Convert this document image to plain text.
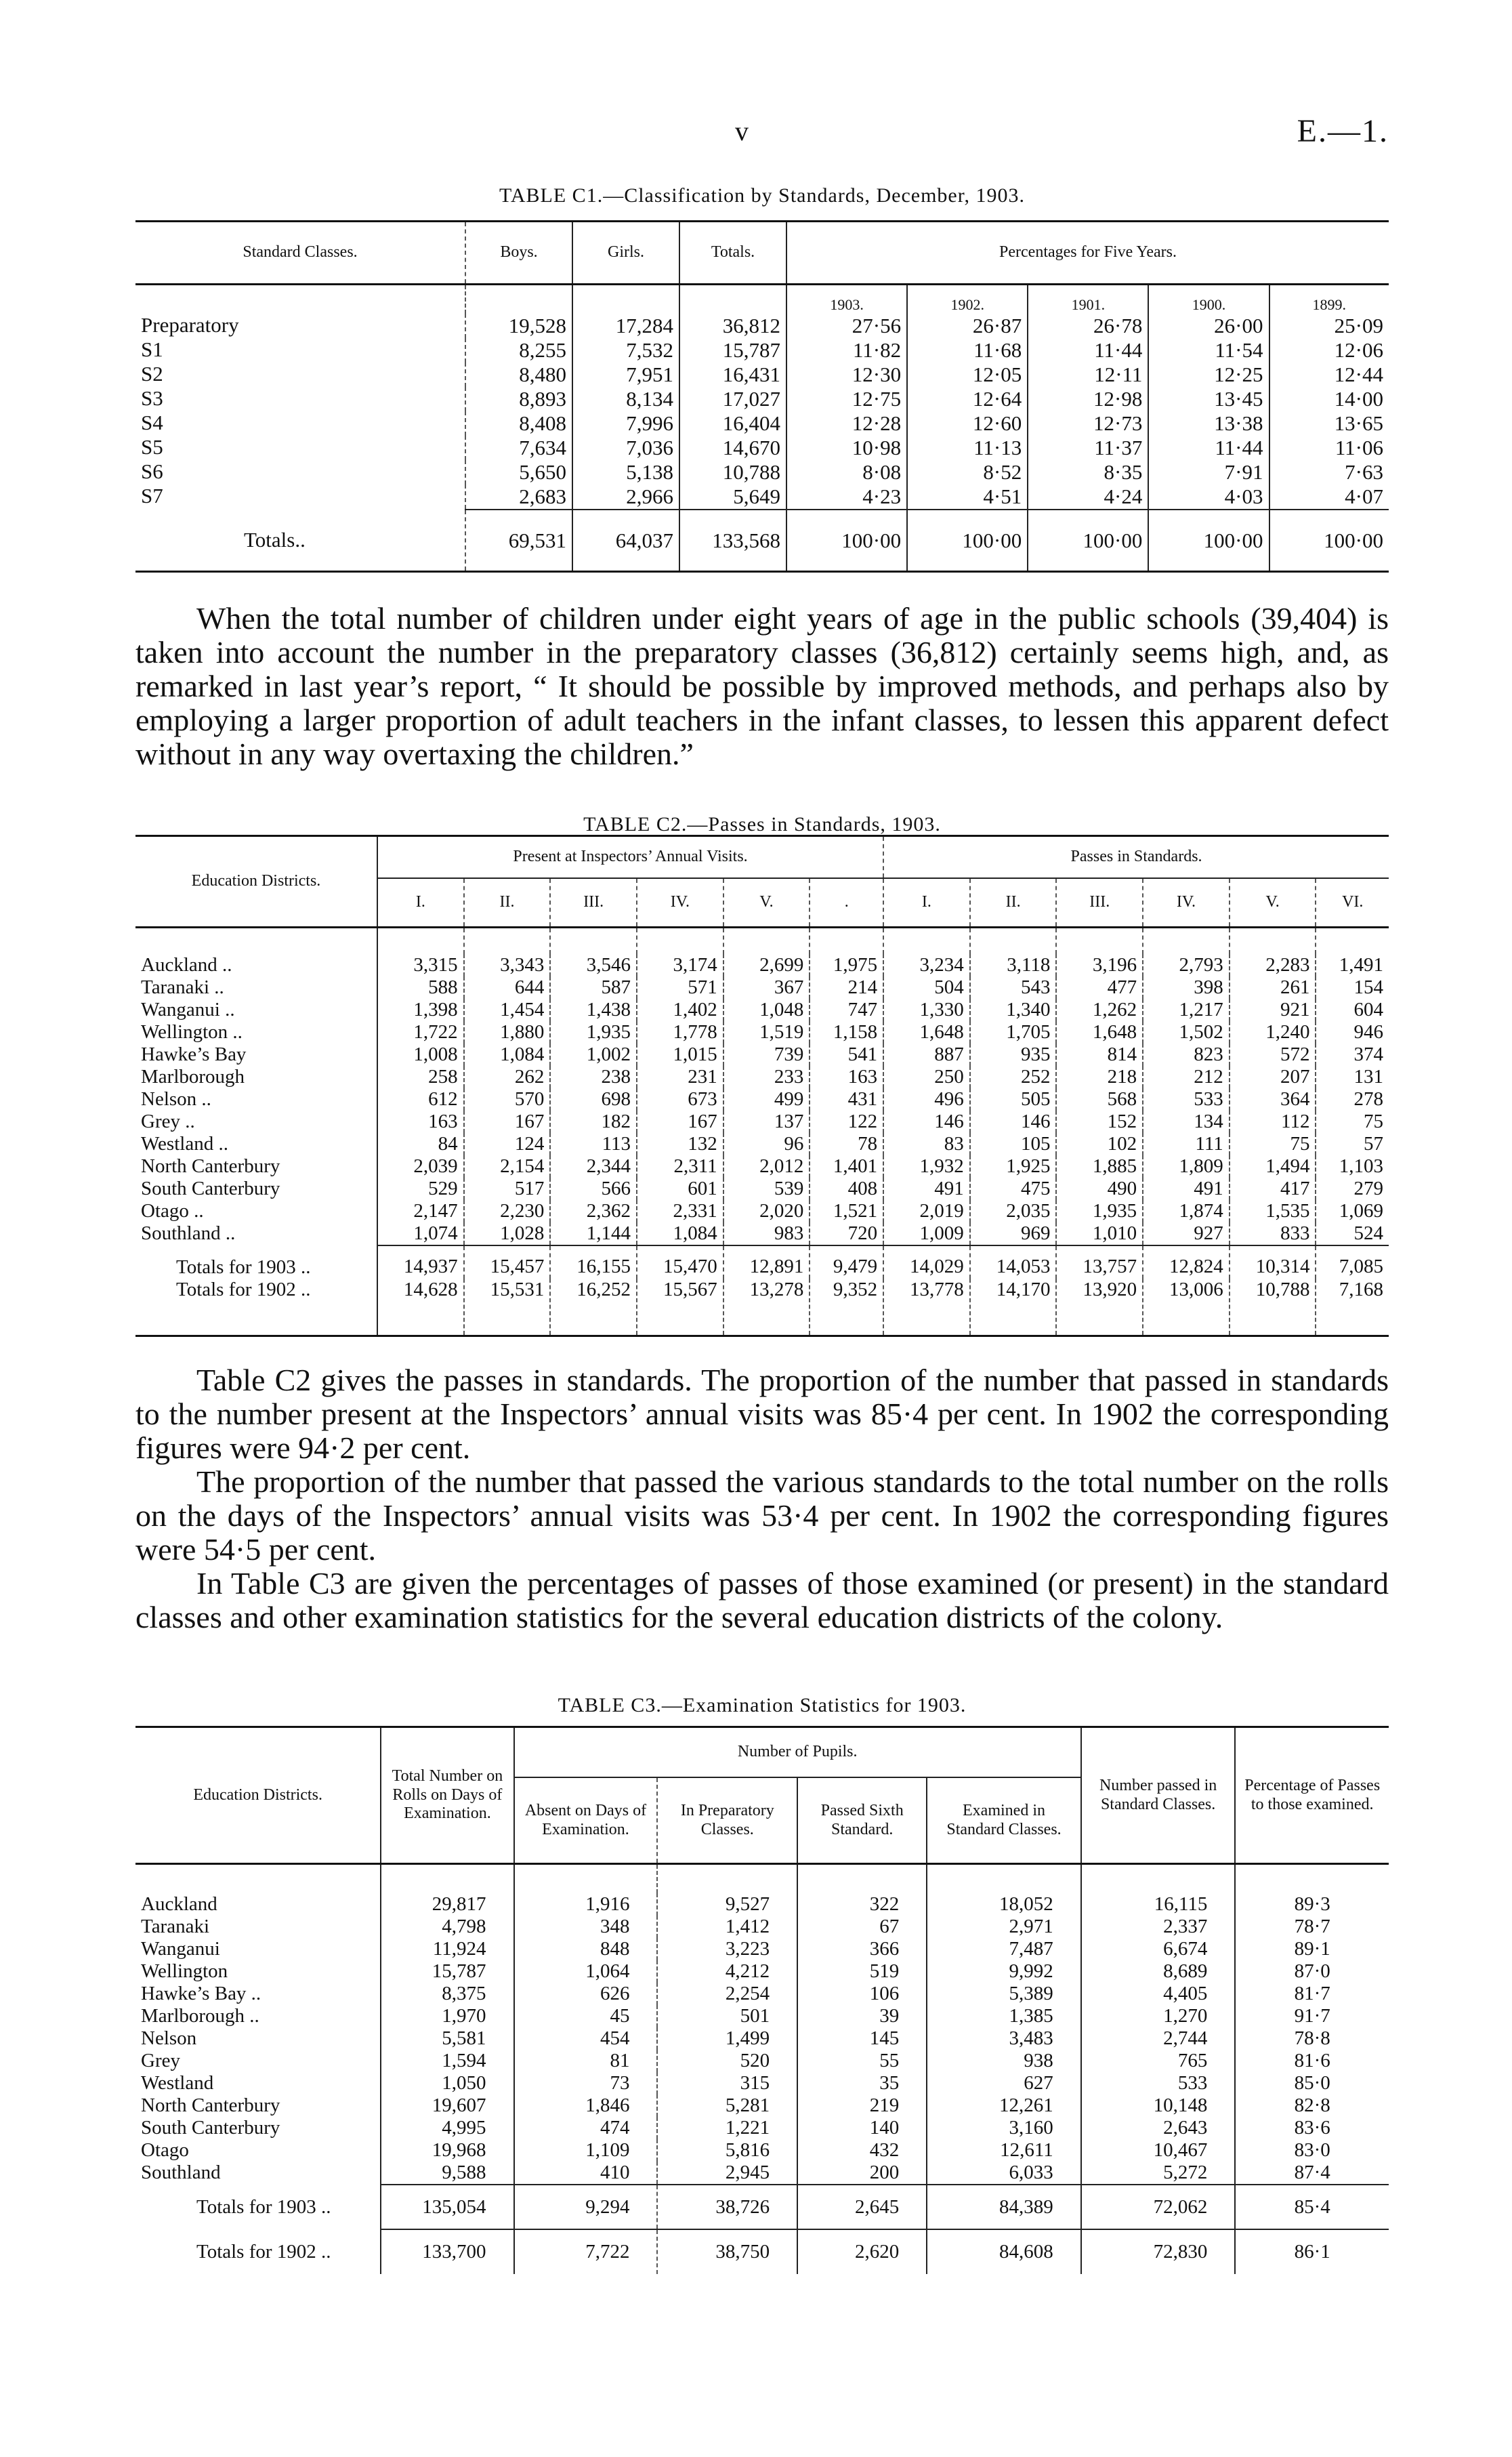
v	E.—1.
TABLE C1.—Classification by Standards, December, 1903.
Standard Classes.	Boys.	Girls.	Totals.	Percentages for Five Years.				
				1903.	1902.	1901.	1900.	1899.
Preparatory	19,528	17,284	36,812	27·56	26·87	26·78	26·00	25·09
S1	8,255	7,532	15,787	11·82	11·68	11·44	11·54	12·06
S2	8,480	7,951	16,431	12·30	12·05	12·11	12·25	12·44
S3	8,893	8,134	17,027	12·75	12·64	12·98	13·45	14·00
S4	8,408	7,996	16,404	12·28	12·60	12·73	13·38	13·65
S5	7,634	7,036	14,670	10·98	11·13	11·37	11·44	11·06
S6	5,650	5,138	10,788	8·08	8·52	8·35	7·91	7·63
S7	2,683	2,966	5,649	4·23	4·51	4·24	4·03	4·07
Totals..	69,531	64,037	133,568	100·00	100·00	100·00	100·00	100·00

When the total number of children under eight years of age in the public schools (39,404) is taken into account the number in the preparatory classes (36,812) certainly seems high, and, as remarked in last year’s report, “ It should be possible by improved methods, and perhaps also by employing a larger proportion of adult teachers in the infant classes, to lessen this apparent defect without in any way overtaxing the children.”

TABLE C2.—Passes in Standards, 1903.
Education Districts.	Present at Inspectors’ Annual Visits.						Passes in Standards.					
	I.	II.	III.	IV.	V.	.	I.	II.	III.	IV.	V.	VI.

Auckland ..	3,315	3,343	3,546	3,174	2,699	1,975	3,234	3,118	3,196	2,793	2,283	1,491
Taranaki ..	588	644	587	571	367	214	504	543	477	398	261	154
Wanganui ..	1,398	1,454	1,438	1,402	1,048	747	1,330	1,340	1,262	1,217	921	604
Wellington ..	1,722	1,880	1,935	1,778	1,519	1,158	1,648	1,705	1,648	1,502	1,240	946
Hawke’s Bay	1,008	1,084	1,002	1,015	739	541	887	935	814	823	572	374
Marlborough	258	262	238	231	233	163	250	252	218	212	207	131
Nelson ..	612	570	698	673	499	431	496	505	568	533	364	278
Grey ..	163	167	182	167	137	122	146	146	152	134	112	75
Westland ..	84	124	113	132	96	78	83	105	102	111	75	57
North Canterbury	2,039	2,154	2,344	2,311	2,012	1,401	1,932	1,925	1,885	1,809	1,494	1,103
South Canterbury	529	517	566	601	539	408	491	475	490	491	417	279
Otago ..	2,147	2,230	2,362	2,331	2,020	1,521	2,019	2,035	1,935	1,874	1,535	1,069
Southland ..	1,074	1,028	1,144	1,084	983	720	1,009	969	1,010	927	833	524
Totals for 1903 ..	14,937	15,457	16,155	15,470	12,891	9,479	14,029	14,053	13,757	12,824	10,314	7,085
Totals for 1902 ..	14,628	15,531	16,252	15,567	13,278	9,352	13,778	14,170	13,920	13,006	10,788	7,168

Table C2 gives the passes in standards. The proportion of the number that passed in standards to the number present at the Inspectors’ annual visits was 85·4 per cent. In 1902 the corresponding figures were 94·2 per cent.

The proportion of the number that passed the various standards to the total number on the rolls on the days of the Inspectors’ annual visits was 53·4 per cent. In 1902 the corresponding figures were 54·5 per cent.

In Table C3 are given the percentages of passes of those examined (or present) in the standard classes and other examination statistics for the several education districts of the colony.

TABLE C3.—Examination Statistics for 1903.
Education Districts.	Total Number on Rolls on Days of Examination.	Number of Pupils.				Number passed in Standard Classes.	Percentage of Passes to those examined.
		Absent on Days of Examination.	In Preparatory Classes.	Passed Sixth Standard.	Examined in Standard Classes.		

Auckland	29,817	1,916	9,527	322	18,052	16,115	89·3
Taranaki	4,798	348	1,412	67	2,971	2,337	78·7
Wanganui	11,924	848	3,223	366	7,487	6,674	89·1
Wellington	15,787	1,064	4,212	519	9,992	8,689	87·0
Hawke’s Bay ..	8,375	626	2,254	106	5,389	4,405	81·7
Marlborough ..	1,970	45	501	39	1,385	1,270	91·7
Nelson	5,581	454	1,499	145	3,483	2,744	78·8
Grey	1,594	81	520	55	938	765	81·6
Westland	1,050	73	315	35	627	533	85·0
North Canterbury	19,607	1,846	5,281	219	12,261	10,148	82·8
South Canterbury	4,995	474	1,221	140	3,160	2,643	83·6
Otago	19,968	1,109	5,816	432	12,611	10,467	83·0
Southland	9,588	410	2,945	200	6,033	5,272	87·4
Totals for 1903 ..	135,054	9,294	38,726	2,645	84,389	72,062	85·4
Totals for 1902 ..	133,700	7,722	38,750	2,620	84,608	72,830	86·1
